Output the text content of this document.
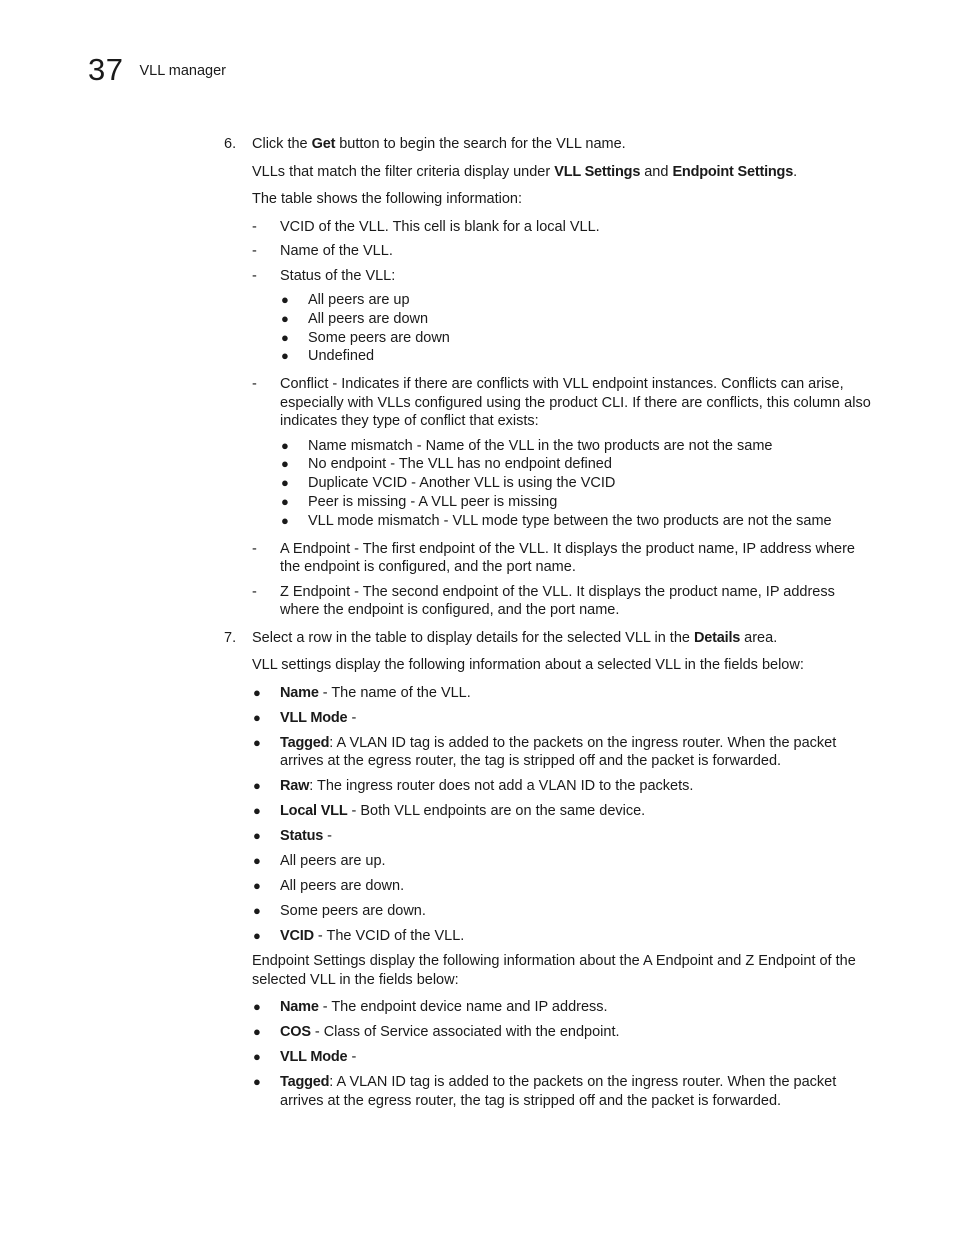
37 VLL manager
6. Click the Get button to begin the search for the VLL name.
VLLs that match the filter criteria display under VLL Settings and Endpoint Settings.
The table shows the following information:
- VCID of the VLL. This cell is blank for a local VLL.
- Name of the VLL.
- Status of the VLL:
● All peers are up
● All peers are down
● Some peers are down
● Undefined
- Conflict - Indicates if there are conflicts with VLL endpoint instances. Conflicts can arise, especially with VLLs configured using the product CLI. If there are conflicts, this column also indicates they type of conflict that exists:
● Name mismatch - Name of the VLL in the two products are not the same
● No endpoint - The VLL has no endpoint defined
● Duplicate VCID - Another VLL is using the VCID
● Peer is missing - A VLL peer is missing
● VLL mode mismatch - VLL mode type between the two products are not the same
- A Endpoint - The first endpoint of the VLL. It displays the product name, IP address where the endpoint is configured, and the port name.
- Z Endpoint - The second endpoint of the VLL. It displays the product name, IP address where the endpoint is configured, and the port name.
7. Select a row in the table to display details for the selected VLL in the Details area.
VLL settings display the following information about a selected VLL in the fields below:
● Name - The name of the VLL.
● VLL Mode -
● Tagged: A VLAN ID tag is added to the packets on the ingress router. When the packet arrives at the egress router, the tag is stripped off and the packet is forwarded.
● Raw: The ingress router does not add a VLAN ID to the packets.
● Local VLL - Both VLL endpoints are on the same device.
● Status -
● All peers are up.
● All peers are down.
● Some peers are down.
● VCID - The VCID of the VLL.
Endpoint Settings display the following information about the A Endpoint and Z Endpoint of the selected VLL in the fields below:
● Name - The endpoint device name and IP address.
● COS - Class of Service associated with the endpoint.
● VLL Mode -
● Tagged: A VLAN ID tag is added to the packets on the ingress router. When the packet arrives at the egress router, the tag is stripped off and the packet is forwarded.
